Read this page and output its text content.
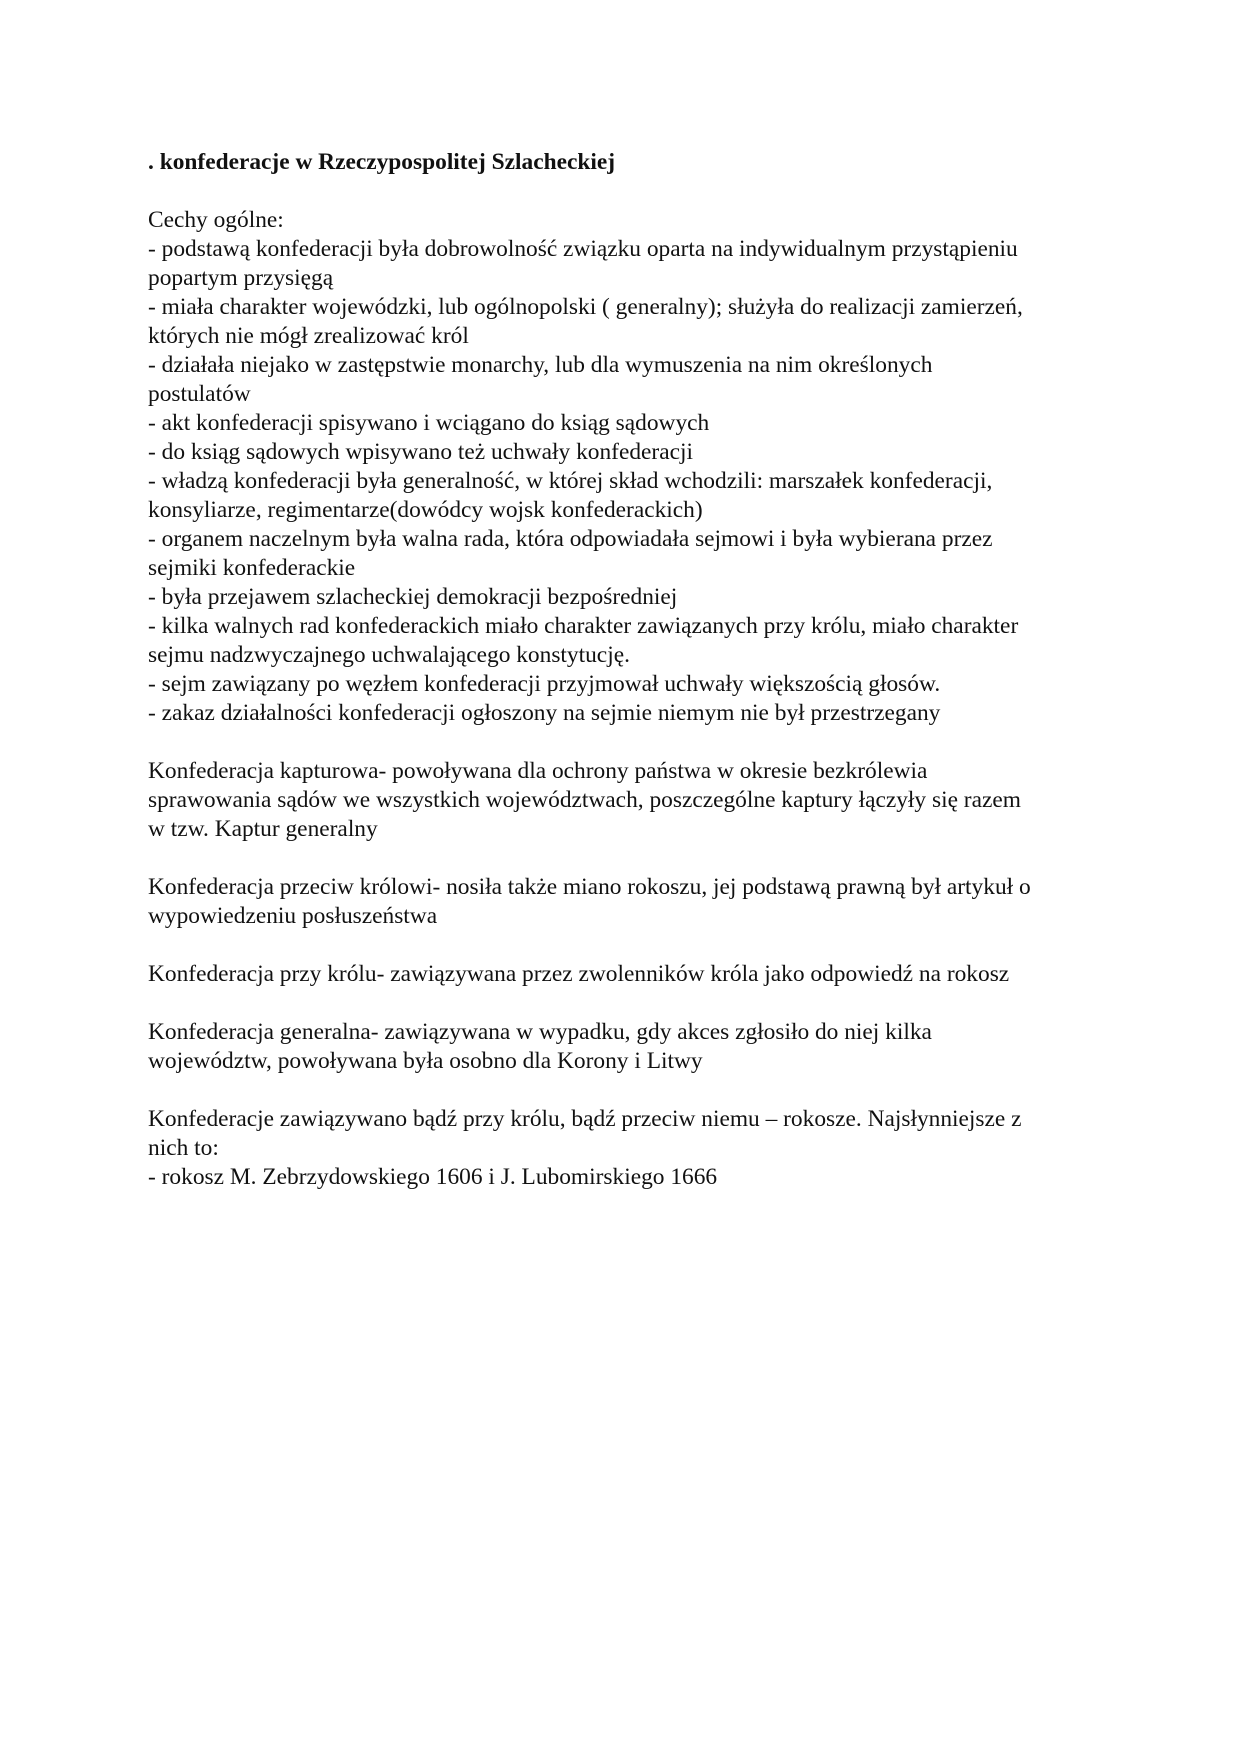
. konfederacje w Rzeczypospolitej Szlacheckiej
Cechy ogólne:
- podstawą konfederacji była dobrowolność związku oparta na indywidualnym przystąpieniu
popartym przysięgą
- miała charakter wojewódzki, lub ogólnopolski ( generalny); służyła do realizacji zamierzeń,
których nie mógł zrealizować król
- działała niejako w zastępstwie monarchy, lub dla wymuszenia na nim określonych
postulatów
- akt konfederacji spisywano i wciągano do ksiąg sądowych
- do ksiąg sądowych wpisywano też uchwały konfederacji
- władzą konfederacji była generalność, w której skład wchodzili: marszałek konfederacji,
konsyliarze, regimentarze(dowódcy wojsk konfederackich)
- organem naczelnym była walna rada, która odpowiadała sejmowi i była wybierana przez
sejmiki konfederackie
- była przejawem szlacheckiej demokracji bezpośredniej
- kilka walnych rad konfederackich miało charakter zawiązanych przy królu, miało charakter
sejmu nadzwyczajnego uchwalającego konstytucję.
- sejm zawiązany po węzłem konfederacji przyjmował uchwały większością głosów.
- zakaz działalności konfederacji ogłoszony na sejmie niemym nie był przestrzegany
Konfederacja kapturowa- powoływana dla ochrony państwa w okresie bezkrólewia
sprawowania sądów we wszystkich województwach, poszczególne kaptury łączyły się razem
w tzw. Kaptur generalny
Konfederacja przeciw królowi- nosiła także miano rokoszu, jej podstawą prawną był artykuł o
wypowiedzeniu posłuszeństwa
Konfederacja przy królu- zawiązywana przez zwolenników króla jako odpowiedź na rokosz
Konfederacja generalna- zawiązywana w wypadku, gdy akces zgłosiło do niej kilka
województw, powoływana była osobno dla Korony i Litwy
Konfederacje zawiązywano bądź przy królu, bądź przeciw niemu – rokosze. Najsłynniejsze z
nich to:
- rokosz M. Zebrzydowskiego 1606 i J. Lubomirskiego 1666
